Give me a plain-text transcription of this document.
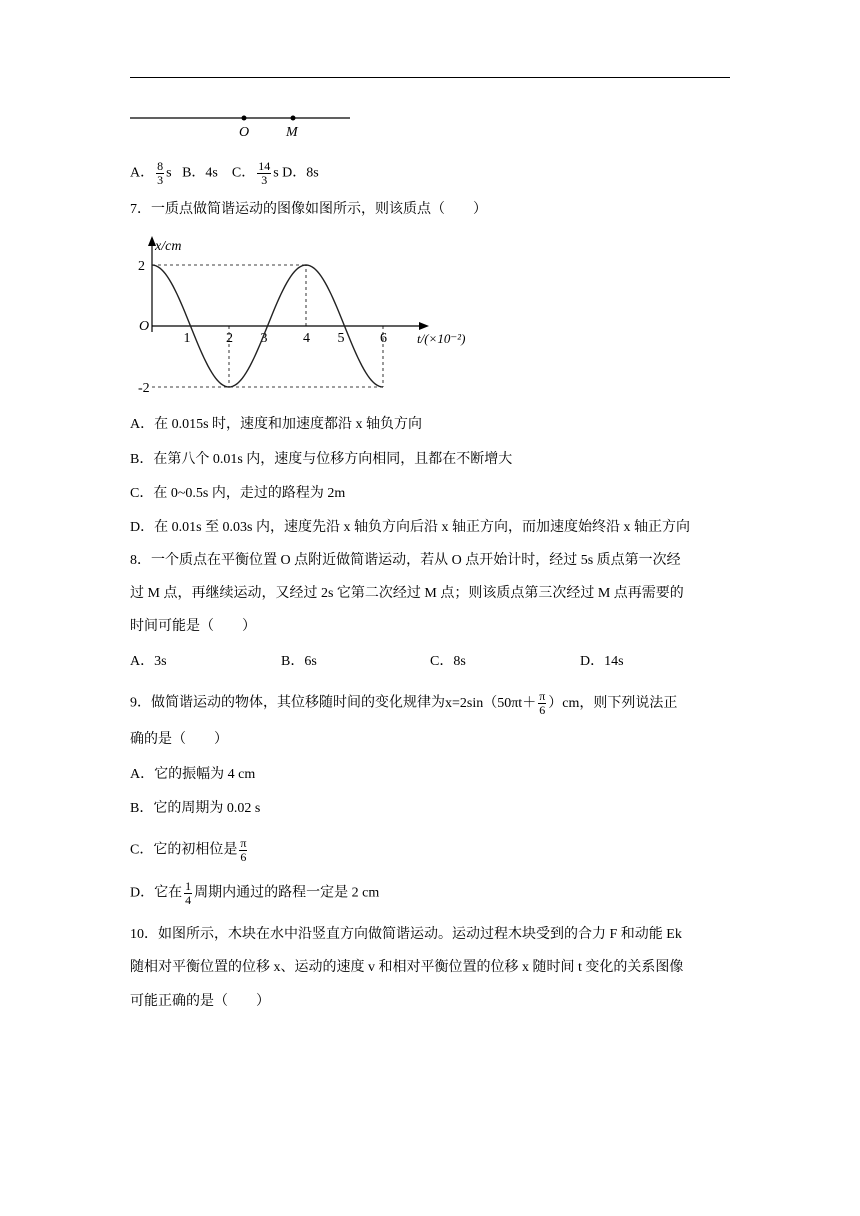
O	M
A． $\frac{8}{3}$ s B．4s C． $\frac{14}{3}$ s D．8s
7．一质点做简谐运动的图像如图所示，则该质点（　　）
x/cm
t/(×10⁻²)
O
2
-2
1	2 3	4 5	6
A．在 0.015s 时，速度和加速度都沿 x 轴负方向
B．在第八个 0.01s 内，速度与位移方向相同，且都在不断增大
C．在 0~0.5s 内，走过的路程为 2m
D．在 0.01s 至 0.03s 内，速度先沿 x 轴负方向后沿 x 轴正方向，而加速度始终沿 x 轴正方向
8．一个质点在平衡位置 O 点附近做简谐运动，若从 O 点开始计时，经过 5s 质点第一次经
过 M 点，再继续运动，又经过 2s 它第二次经过 M 点；则该质点第三次经过 M 点再需要的
时间可能是（　　）
A．3s	B．6s	C．8s	D．14s
9．做简谐运动的物体，其位移随时间的变化规律为$x=2\sin(50\pi t+ \frac{\pi}{6} )cm$，则下列说法正
确的是（　　）
A．它的振幅为 4 cm
B．它的周期为 0.02 s
C．它的初相位是 $\frac{\pi}{6}$
D．它在 $\frac{1}{4}$ 周期内通过的路程一定是 2 cm
10．如图所示，木块在水中沿竖直方向做简谐运动。运动过程木块受到的合力 F 和动能 Ek
随相对平衡位置的位移 x、运动的速度 v 和相对平衡位置的位移 x 随时间 t 变化的关系图像
可能正确的是（　　）
